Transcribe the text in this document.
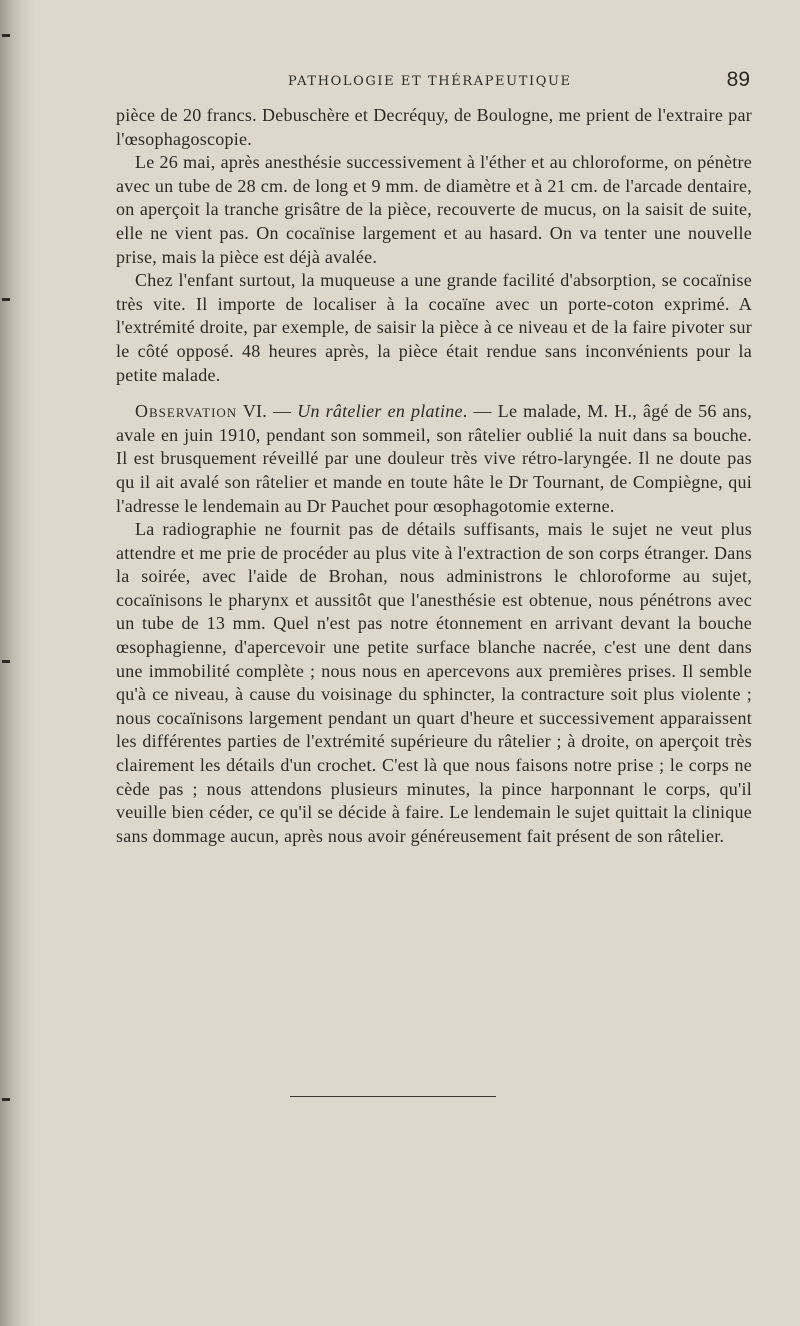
PATHOLOGIE ET THÉRAPEUTIQUE	89

pièce de 20 francs. Debuschère et Decréquy, de Boulogne, me prient de l'extraire par l'œsophagoscopie.

Le 26 mai, après anesthésie successivement à l'éther et au chloroforme, on pénètre avec un tube de 28 cm. de long et 9 mm. de diamètre et à 21 cm. de l'arcade dentaire, on aperçoit la tranche grisâtre de la pièce, recouverte de mucus, on la saisit de suite, elle ne vient pas. On cocaïnise largement et au hasard. On va tenter une nouvelle prise, mais la pièce est déjà avalée.

Chez l'enfant surtout, la muqueuse a une grande facilité d'absorption, se cocaïnise très vite. Il importe de localiser à la cocaïne avec un porte-coton exprimé. A l'extrémité droite, par exemple, de saisir la pièce à ce niveau et de la faire pivoter sur le côté opposé. 48 heures après, la pièce était rendue sans inconvénients pour la petite malade.

Observation VI. — Un râtelier en platine. — Le malade, M. H., âgé de 56 ans, avale en juin 1910, pendant son sommeil, son râtelier oublié la nuit dans sa bouche. Il est brusquement réveillé par une douleur très vive rétro-laryngée. Il ne doute pas qu il ait avalé son râtelier et mande en toute hâte le Dr Tournant, de Compiègne, qui l'adresse le lendemain au Dr Pauchet pour œsophagotomie externe.

La radiographie ne fournit pas de détails suffisants, mais le sujet ne veut plus attendre et me prie de procéder au plus vite à l'extraction de son corps étranger. Dans la soirée, avec l'aide de Brohan, nous administrons le chloroforme au sujet, cocaïnisons le pharynx et aussitôt que l'anesthésie est obtenue, nous pénétrons avec un tube de 13 mm. Quel n'est pas notre étonnement en arrivant devant la bouche œsophagienne, d'apercevoir une petite surface blanche nacrée, c'est une dent dans une immobilité complète ; nous nous en apercevons aux premières prises. Il semble qu'à ce niveau, à cause du voisinage du sphincter, la contracture soit plus violente ; nous cocaïnisons largement pendant un quart d'heure et successivement apparaissent les différentes parties de l'extrémité supérieure du râtelier ; à droite, on aperçoit très clairement les détails d'un crochet. C'est là que nous faisons notre prise ; le corps ne cède pas ; nous attendons plusieurs minutes, la pince harponnant le corps, qu'il veuille bien céder, ce qu'il se décide à faire. Le lendemain le sujet quittait la clinique sans dommage aucun, après nous avoir généreusement fait présent de son râtelier.
